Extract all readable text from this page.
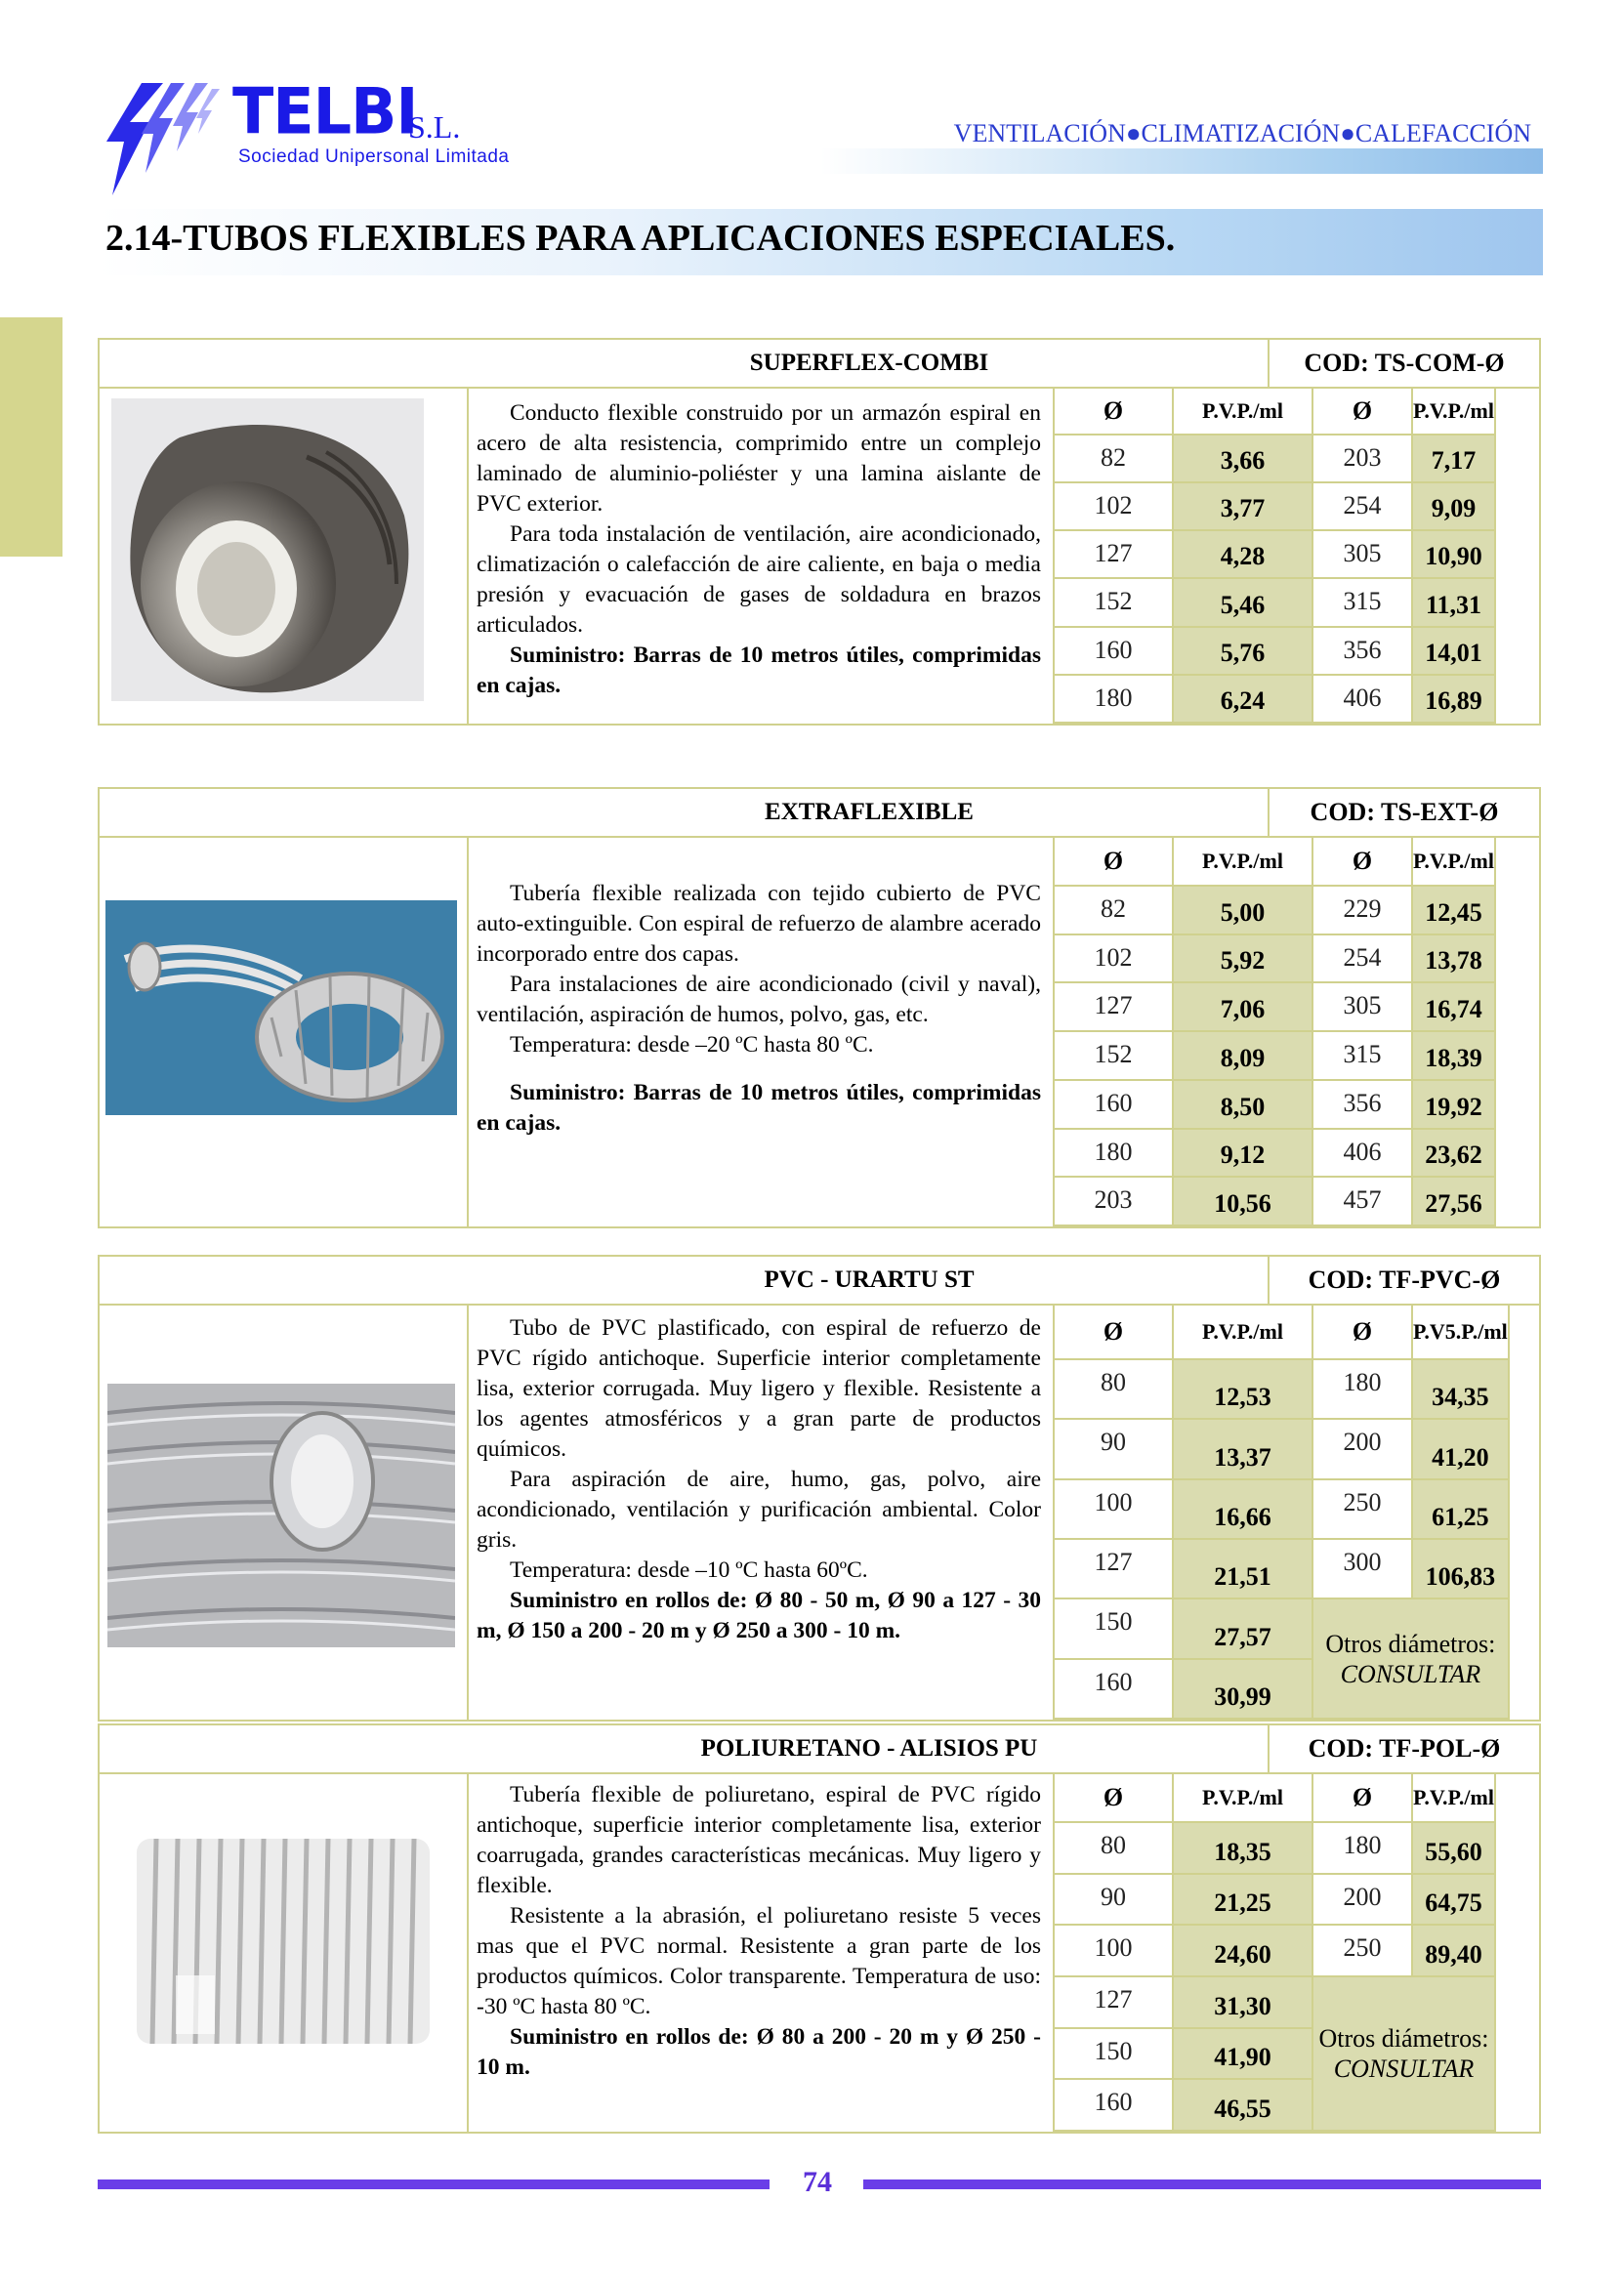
TELBI
S.L.
Sociedad Unipersonal Limitada
VENTILACIÓN●CLIMATIZACIÓN●CALEFACCIÓN
2.14-TUBOS FLEXIBLES PARA APLICACIONES ESPECIALES.
SUPERFLEX-COMBI	COD: TS-COM-Ø

Conducto flexible construido por un armazón espiral en acero de alta resistencia, comprimido entre un complejo laminado de aluminio-poliéster y una lamina aislante de PVC exterior.

Para toda instalación de ventilación, aire acondicionado, climatización o calefacción de aire caliente, en baja o media presión y evacuación de gases de soldadura en brazos articulados.

Suministro: Barras de 10 metros útiles, comprimidas en cajas.

Ø	P.V.P./ml	Ø	P.V.P./ml
82	3,66	203	7,17
102	3,77	254	9,09
127	4,28	305	10,90
152	5,46	315	11,31
160	5,76	356	14,01
180	6,24	406	16,89
EXTRAFLEXIBLE	COD: TS-EXT-Ø

Tubería flexible realizada con tejido cubierto de PVC auto-extinguible. Con espiral de refuerzo de alambre acerado incorporado entre dos capas.

Para instalaciones de aire acondicionado (civil y naval), ventilación, aspiración de humos, polvo, gas, etc.

Temperatura: desde –20 ºC hasta 80 ºC.

Suministro: Barras de 10 metros útiles, comprimidas en cajas.

Ø	P.V.P./ml	Ø	P.V.P./ml
82	5,00	229	12,45
102	5,92	254	13,78
127	7,06	305	16,74
152	8,09	315	18,39
160	8,50	356	19,92
180	9,12	406	23,62
203	10,56	457	27,56
PVC - URARTU ST	COD: TF-PVC-Ø

Tubo de PVC plastificado, con espiral de refuerzo de PVC rígido antichoque. Superficie interior completamente lisa, exterior corrugada. Muy ligero y flexible. Resistente a los agentes atmosféricos y a gran parte de productos químicos.

Para aspiración de aire, humo, gas, polvo, aire acondicionado, ventilación y purificación ambiental. Color gris.

Temperatura: desde –10 ºC hasta 60ºC.

Suministro en rollos de: Ø 80 - 50 m, Ø 90 a 127 - 30 m, Ø 150 a 200 - 20 m y Ø 250 a 300 - 10 m.

Ø	P.V.P./ml	Ø	P.V5.P./ml
80	12,53	180	34,35
90	13,37	200	41,20
100	16,66	250	61,25
127	21,51	300	106,83
150	27,57	Otros diámetros:
CONSULTAR	

160	30,99		
POLIURETANO - ALISIOS PU	COD: TF-POL-Ø

Tubería flexible de poliuretano, espiral de PVC rígido antichoque, superficie interior completamente lisa, exterior coarrugada, grandes características mecánicas. Muy ligero y flexible.

Resistente a la abrasión, el poliuretano resiste 5 veces mas que el PVC normal. Resistente a gran parte de los productos químicos. Color transparente. Temperatura de uso: -30 ºC hasta 80 ºC.

Suministro en rollos de: Ø 80 a 200 - 20 m y Ø 250 - 10 m.

Ø	P.V.P./ml	Ø	P.V.P./ml
80	18,35	180	55,60
90	21,25	200	64,75
100	24,60	250	89,40
127	31,30	Otros diámetros:
CONSULTAR	

150	41,90		
160	46,55		
74
